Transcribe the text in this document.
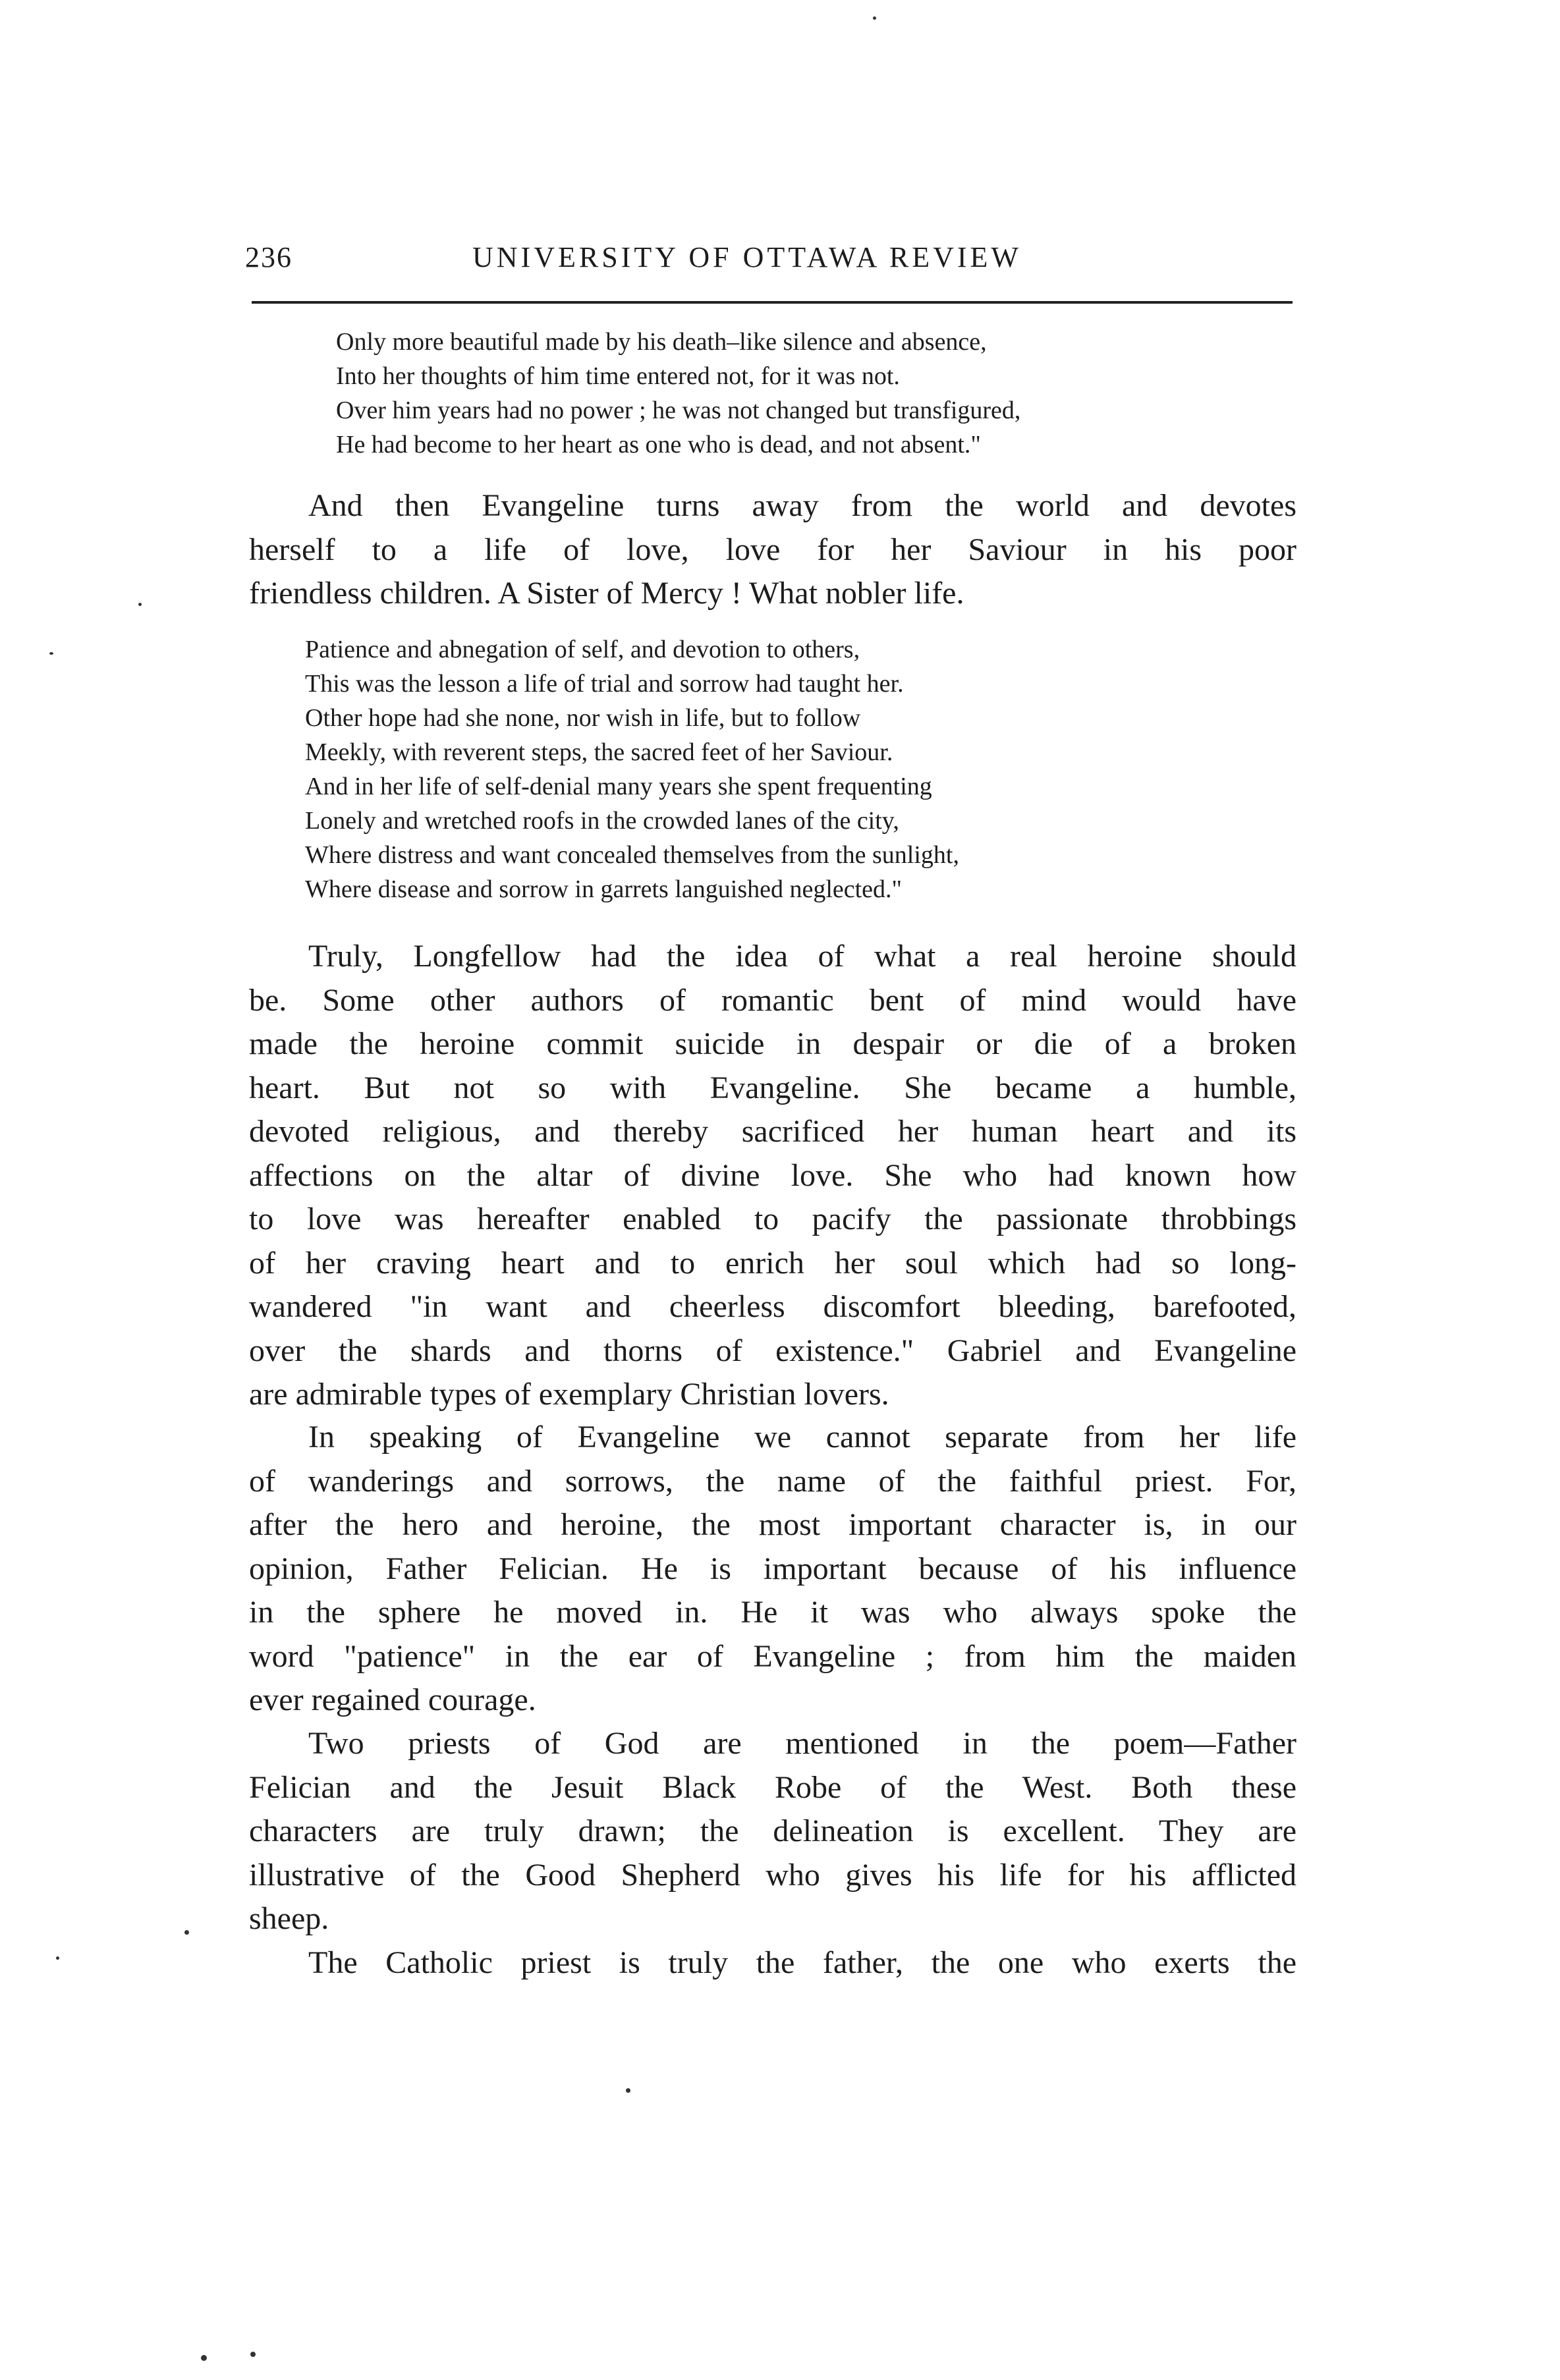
236	UNIVERSITY OF OTTAWA REVIEW
Only more beautiful made by his death–like silence and absence,
Into her thoughts of him time entered not, for it was not.
Over him years had no power ; he was not changed but transfigured,
He had become to her heart as one who is dead, and not absent."
And then Evangeline turns away from the world and devotes
herself to a life of love, love for her Saviour in his poor
friendless children. A Sister of Mercy ! What nobler life.
Patience and abnegation of self, and devotion to others,
This was the lesson a life of trial and sorrow had taught her.
Other hope had she none, nor wish in life, but to follow
Meekly, with reverent steps, the sacred feet of her Saviour.
And in her life of self-denial many years she spent frequenting
Lonely and wretched roofs in the crowded lanes of the city,
Where distress and want concealed themselves from the sunlight,
Where disease and sorrow in garrets languished neglected."
Truly, Longfellow had the idea of what a real heroine should
be. Some other authors of romantic bent of mind would have
made the heroine commit suicide in despair or die of a broken
heart. But not so with Evangeline. She became a humble,
devoted religious, and thereby sacrificed her human heart and its
affections on the altar of divine love. She who had known how
to love was hereafter enabled to pacify the passionate throbbings
of her craving heart and to enrich her soul which had so long-
wandered "in want and cheerless discomfort bleeding, barefooted,
over the shards and thorns of existence." Gabriel and Evangeline
are admirable types of exemplary Christian lovers.
In speaking of Evangeline we cannot separate from her life
of wanderings and sorrows, the name of the faithful priest. For,
after the hero and heroine, the most important character is, in our
opinion, Father Felician. He is important because of his influence
in the sphere he moved in. He it was who always spoke the
word "patience" in the ear of Evangeline ; from him the maiden
ever regained courage.
Two priests of God are mentioned in the poem—Father
Felician and the Jesuit Black Robe of the West. Both these
characters are truly drawn; the delineation is excellent. They are
illustrative of the Good Shepherd who gives his life for his afflicted
sheep.
The Catholic priest is truly the father, the one who exerts the
